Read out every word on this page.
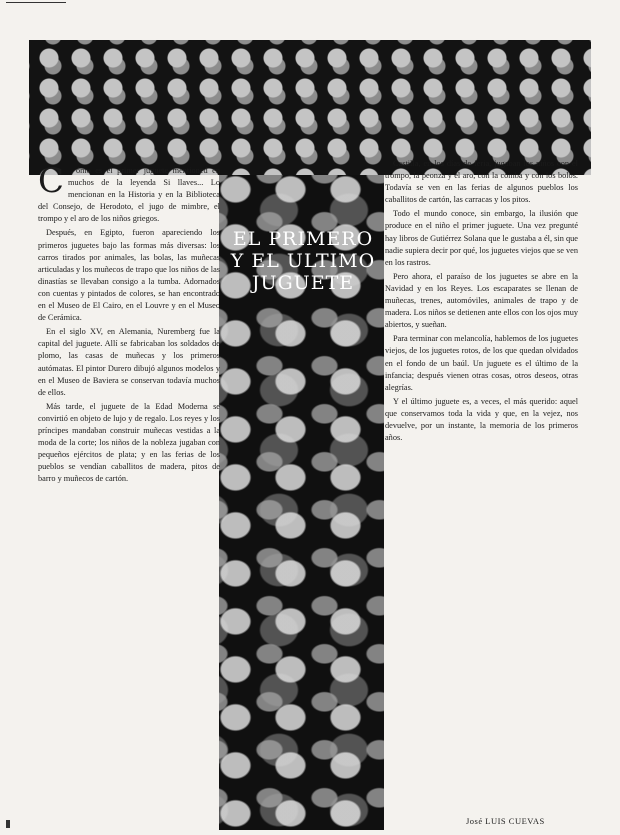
EL PRIMERO
Y EL ULTIMO
JUGUETE
C	ómo es el primer juguete mentioned en muchos de la leyenda Si llaves... Lo mencionan en la Historia y en la Biblioteca del Consejo, de Herodoto, el jugo de mimbre, el trompo y el aro de los niños griegos.

Después, en Egipto, fueron apareciendo los primeros juguetes bajo las formas más diversas: los carros tirados por animales, las bolas, las muñecas articuladas y los muñecos de trapo que los niños de las dinastías se llevaban consigo a la tumba. Adornados con cuentas y pintados de colores, se han encontrado en el Museo de El Cairo, en el Louvre y en el Museo de Cerámica.

En el siglo XV, en Alemania, Nuremberg fue la capital del juguete. Allí se fabricaban los soldados de plomo, las casas de muñecas y los primeros autómatas. El pintor Durero dibujó algunos modelos y en el Museo de Baviera se conservan todavía muchos de ellos.

Más tarde, el juguete de la Edad Moderna se convirtió en objeto de lujo y de regalo. Los reyes y los príncipes mandaban construir muñecas vestidas a la moda de la corte; los niños de la nobleza jugaban con pequeños ejércitos de plata; y en las ferias de los pueblos se vendían caballitos de madera, pitos de barro y muñecos de cartón.

Castilla, en los días de feria, jugaban los niños con el trompo, la peonza y el aro, con la comba y con los bolos. Todavía se ven en las ferias de algunos pueblos los caballitos de cartón, las carracas y los pitos.

Todo el mundo conoce, sin embargo, la ilusión que produce en el niño el primer juguete. Una vez pregunté hay libros de Gutiérrez Solana que le gustaba a él, sin que nadie supiera decir por qué, los juguetes viejos que se ven en los rastros.

Pero ahora, el paraíso de los juguetes se abre en la Navidad y en los Reyes. Los escaparates se llenan de muñecas, trenes, automóviles, animales de trapo y de madera. Los niños se detienen ante ellos con los ojos muy abiertos, y sueñan.

Para terminar con melancolía, hablemos de los juguetes viejos, de los juguetes rotos, de los que quedan olvidados en el fondo de un baúl. Un juguete es el último de la infancia; después vienen otras cosas, otros deseos, otras alegrías.

Y el último juguete es, a veces, el más querido: aquel que conservamos toda la vida y que, en la vejez, nos devuelve, por un instante, la memoria de los primeros años.

José LUIS CUEVAS
